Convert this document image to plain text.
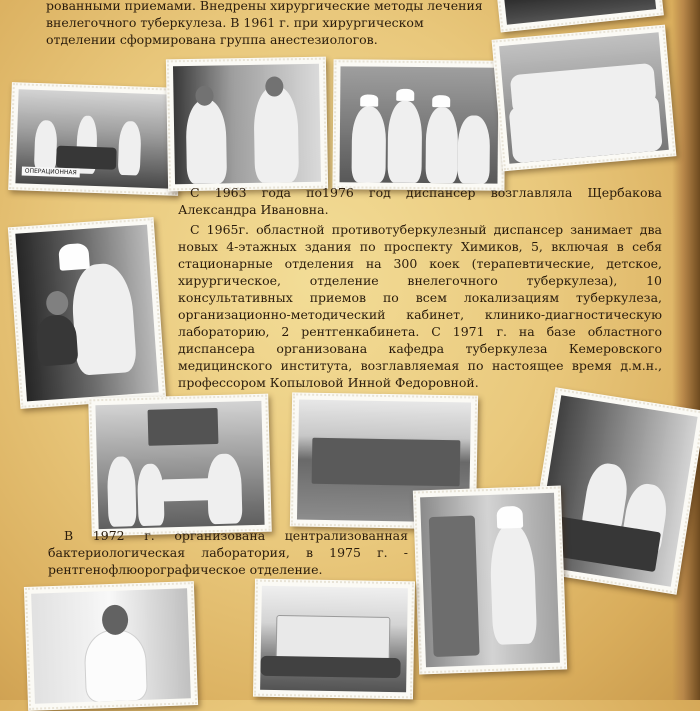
рованными приемами. Внедрены хирургические методы лечения

внелегочного туберкулеза. В 1961 г. при хирургическом

отделении сформирована группа анестезиологов.

ОПЕРАЦИОННАЯ
С 1963 года по1976 год диспансер возглавляла Щербакова Александра Ивановна.
С 1965г. областной противотуберкулезный диспансер занимает два новых 4-этажных здания по проспекту Химиков, 5, включая в себя стационарные отделения на 300 коек (терапевтические, детское, хирургическое, отделение внелегочного туберкулеза), 10 консультативных приемов по всем локализациям туберкулеза, организационно-методический кабинет, клинико-диагностическую лабораторию, 2 рентгенкабинета. С 1971 г. на базе областного диспансера организована кафедра туберкулеза Кемеровского медицинского института, возглавляемая по настоящее время д.м.н., профессором Копыловой Инной Федоровной.
В 1972 г. организована централизованная бактериологическая лаборатория, в 1975 г. - рентгенофлюорографическое отделение.
